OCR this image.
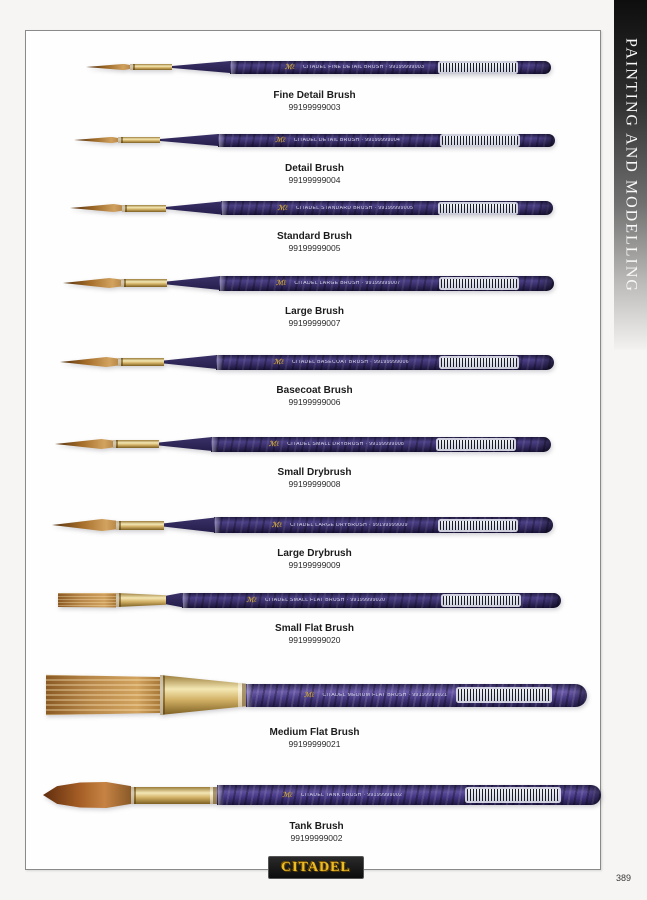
ℳℓ CITADEL FINE DETAIL BRUSH · 99199999003
Fine Detail Brush
99199999003
ℳℓ CITADEL DETAIL BRUSH · 99199999004
Detail Brush
99199999004
ℳℓ CITADEL STANDARD BRUSH · 99199999005
Standard Brush
99199999005
ℳℓ CITADEL LARGE BRUSH · 99199999007
Large Brush
99199999007
ℳℓ CITADEL BASECOAT BRUSH · 99199999006
Basecoat Brush
99199999006
ℳℓ CITADEL SMALL DRYBRUSH · 99199999008
Small Drybrush
99199999008
ℳℓ CITADEL LARGE DRYBRUSH · 99199999009
Large Drybrush
99199999009
ℳℓ CITADEL SMALL FLAT BRUSH · 99199999020
Small Flat Brush
99199999020
ℳℓ CITADEL MEDIUM FLAT BRUSH · 99199999021
Medium Flat Brush
99199999021
ℳℓ CITADEL TANK BRUSH · 99199999002
Tank Brush
99199999002
PAINTING AND MODELLING
CITADEL
389
